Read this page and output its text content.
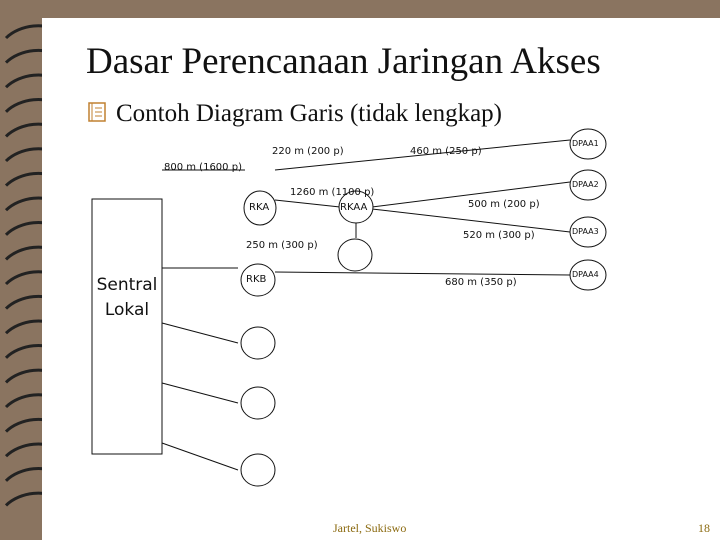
Dasar Perencanaan Jaringan Akses
Contoh Diagram Garis (tidak lengkap)
800 m (1600 p)
220 m (200 p)	460 m (250 p)
1260 m (1100 p)
500 m (200 p)
520 m (300 p)
250 m (300 p)
680 m (350 p)
RKA	RKAA
RKB
DPAA1
DPAA2
DPAA3
DPAA4
Sentral
Lokal
Jartel, Sukiswo	18
